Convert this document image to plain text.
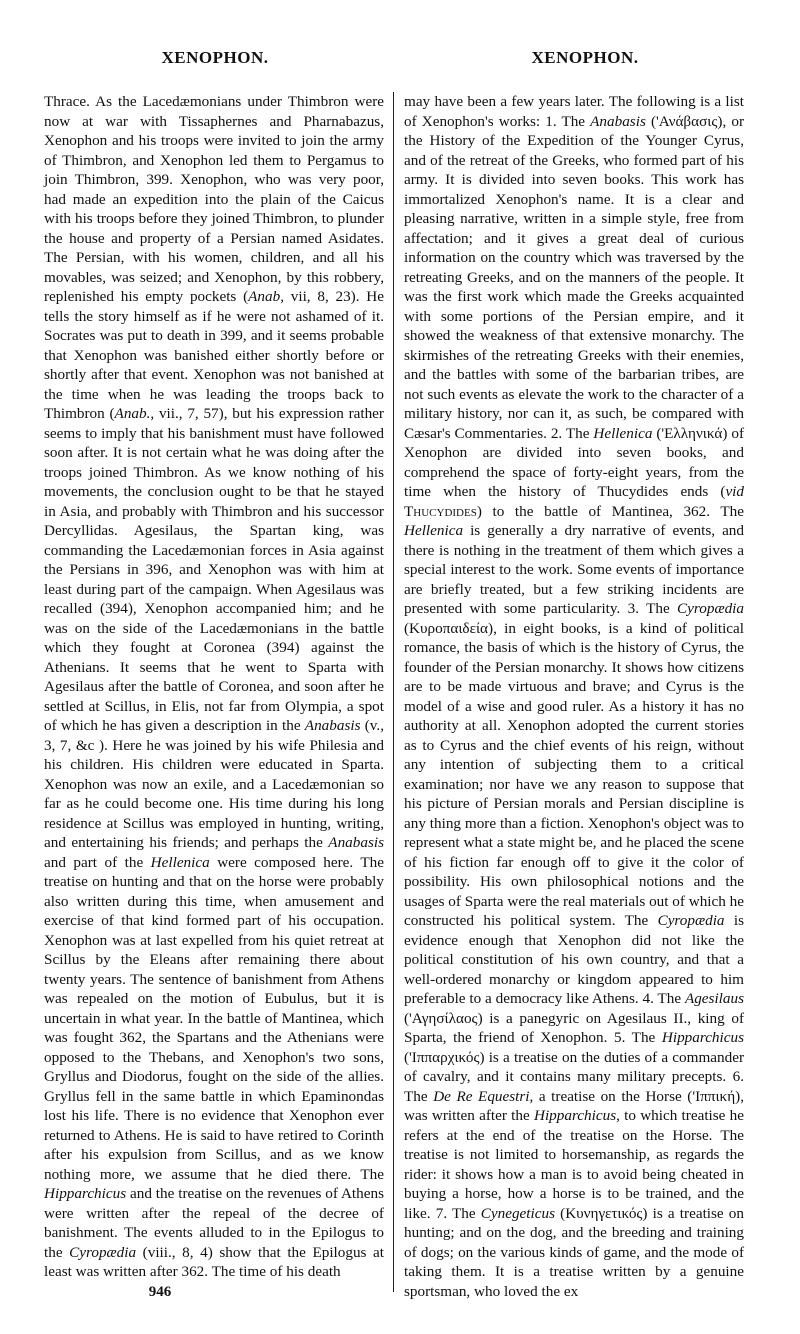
XENOPHON.	XENOPHON.

Thrace. As the Lacedæmonians under Thimbron were now at war with Tissaphernes and Pharnabazus, Xenophon and his troops were invited to join the army of Thimbron, and Xenophon led them to Pergamus to join Thimbron, 399. Xenophon, who was very poor, had made an expedition into the plain of the Caicus with his troops before they joined Thimbron, to plunder the house and property of a Persian named Asidates. The Persian, with his women, children, and all his movables, was seized; and Xenophon, by this robbery, replenished his empty pockets (Anab, vii, 8, 23). He tells the story himself as if he were not ashamed of it. Socrates was put to death in 399, and it seems probable that Xenophon was banished either shortly before or shortly after that event. Xenophon was not banished at the time when he was leading the troops back to Thimbron (Anab., vii., 7, 57), but his expression rather seems to imply that his banishment must have followed soon after. It is not certain what he was doing after the troops joined Thimbron. As we know nothing of his movements, the conclusion ought to be that he stayed in Asia, and probably with Thimbron and his successor Dercyllidas. Agesilaus, the Spartan king, was commanding the Lacedæmonian forces in Asia against the Persians in 396, and Xenophon was with him at least during part of the campaign. When Agesilaus was recalled (394), Xenophon accompanied him; and he was on the side of the Lacedæmonians in the battle which they fought at Coronea (394) against the Athenians. It seems that he went to Sparta with Agesilaus after the battle of Coronea, and soon after he settled at Scillus, in Elis, not far from Olympia, a spot of which he has given a description in the Anabasis (v., 3, 7, &c ). Here he was joined by his wife Philesia and his children. His children were educated in Sparta. Xenophon was now an exile, and a Lacedæmonian so far as he could become one. His time during his long residence at Scillus was employed in hunting, writing, and entertaining his friends; and perhaps the Anabasis and part of the Hellenica were composed here. The treatise on hunting and that on the horse were probably also written during this time, when amusement and exercise of that kind formed part of his occupation. Xenophon was at last expelled from his quiet retreat at Scillus by the Eleans after remaining there about twenty years. The sentence of banishment from Athens was repealed on the motion of Eubulus, but it is uncertain in what year. In the battle of Mantinea, which was fought 362, the Spartans and the Athenians were opposed to the Thebans, and Xenophon's two sons, Gryllus and Diodorus, fought on the side of the allies. Gryllus fell in the same battle in which Epaminondas lost his life. There is no evidence that Xenophon ever returned to Athens. He is said to have retired to Corinth after his expulsion from Scillus, and as we know nothing more, we assume that he died there. The Hipparchicus and the treatise on the revenues of Athens were written after the repeal of the decree of banishment. The events alluded to in the Epilogus to the Cyropædia (viii., 8, 4) show that the Epilogus at least was written after 362. The time of his death

may have been a few years later. The following is a list of Xenophon's works: 1. The Anabasis ('Ανάβασις), or the History of the Expedition of the Younger Cyrus, and of the retreat of the Greeks, who formed part of his army. It is divided into seven books. This work has immortalized Xenophon's name. It is a clear and pleasing narrative, written in a simple style, free from affectation; and it gives a great deal of curious information on the country which was traversed by the retreating Greeks, and on the manners of the people. It was the first work which made the Greeks acquainted with some portions of the Persian empire, and it showed the weakness of that extensive monarchy. The skirmishes of the retreating Greeks with their enemies, and the battles with some of the barbarian tribes, are not such events as elevate the work to the character of a military history, nor can it, as such, be compared with Cæsar's Commentaries. 2. The Hellenica ('Ελληνικά) of Xenophon are divided into seven books, and comprehend the space of forty-eight years, from the time when the history of Thucydides ends (vid Thucydides) to the battle of Mantinea, 362. The Hellenica is generally a dry narrative of events, and there is nothing in the treatment of them which gives a special interest to the work. Some events of importance are briefly treated, but a few striking incidents are presented with some particularity. 3. The Cyropædia (Κυροπαιδεία), in eight books, is a kind of political romance, the basis of which is the history of Cyrus, the founder of the Persian monarchy. It shows how citizens are to be made virtuous and brave; and Cyrus is the model of a wise and good ruler. As a history it has no authority at all. Xenophon adopted the current stories as to Cyrus and the chief events of his reign, without any intention of subjecting them to a critical examination; nor have we any reason to suppose that his picture of Persian morals and Persian discipline is any thing more than a fiction. Xenophon's object was to represent what a state might be, and he placed the scene of his fiction far enough off to give it the color of possibility. His own philosophical notions and the usages of Sparta were the real materials out of which he constructed his political system. The Cyropædia is evidence enough that Xenophon did not like the political constitution of his own country, and that a well-ordered monarchy or kingdom appeared to him preferable to a democracy like Athens. 4. The Agesilaus ('Αγησίλαος) is a panegyric on Agesilaus II., king of Sparta, the friend of Xenophon. 5. The Hipparchicus ('Ιππαρχικός) is a treatise on the duties of a commander of cavalry, and it contains many military precepts. 6. The De Re Equestri, a treatise on the Horse ('Ιππική), was written after the Hipparchicus, to which treatise he refers at the end of the treatise on the Horse. The treatise is not limited to horsemanship, as regards the rider: it shows how a man is to avoid being cheated in buying a horse, how a horse is to be trained, and the like. 7. The Cynegeticus (Κυνηγετικός) is a treatise on hunting; and on the dog, and the breeding and training of dogs; on the various kinds of game, and the mode of taking them. It is a treatise written by a genuine sportsman, who loved the ex

946
